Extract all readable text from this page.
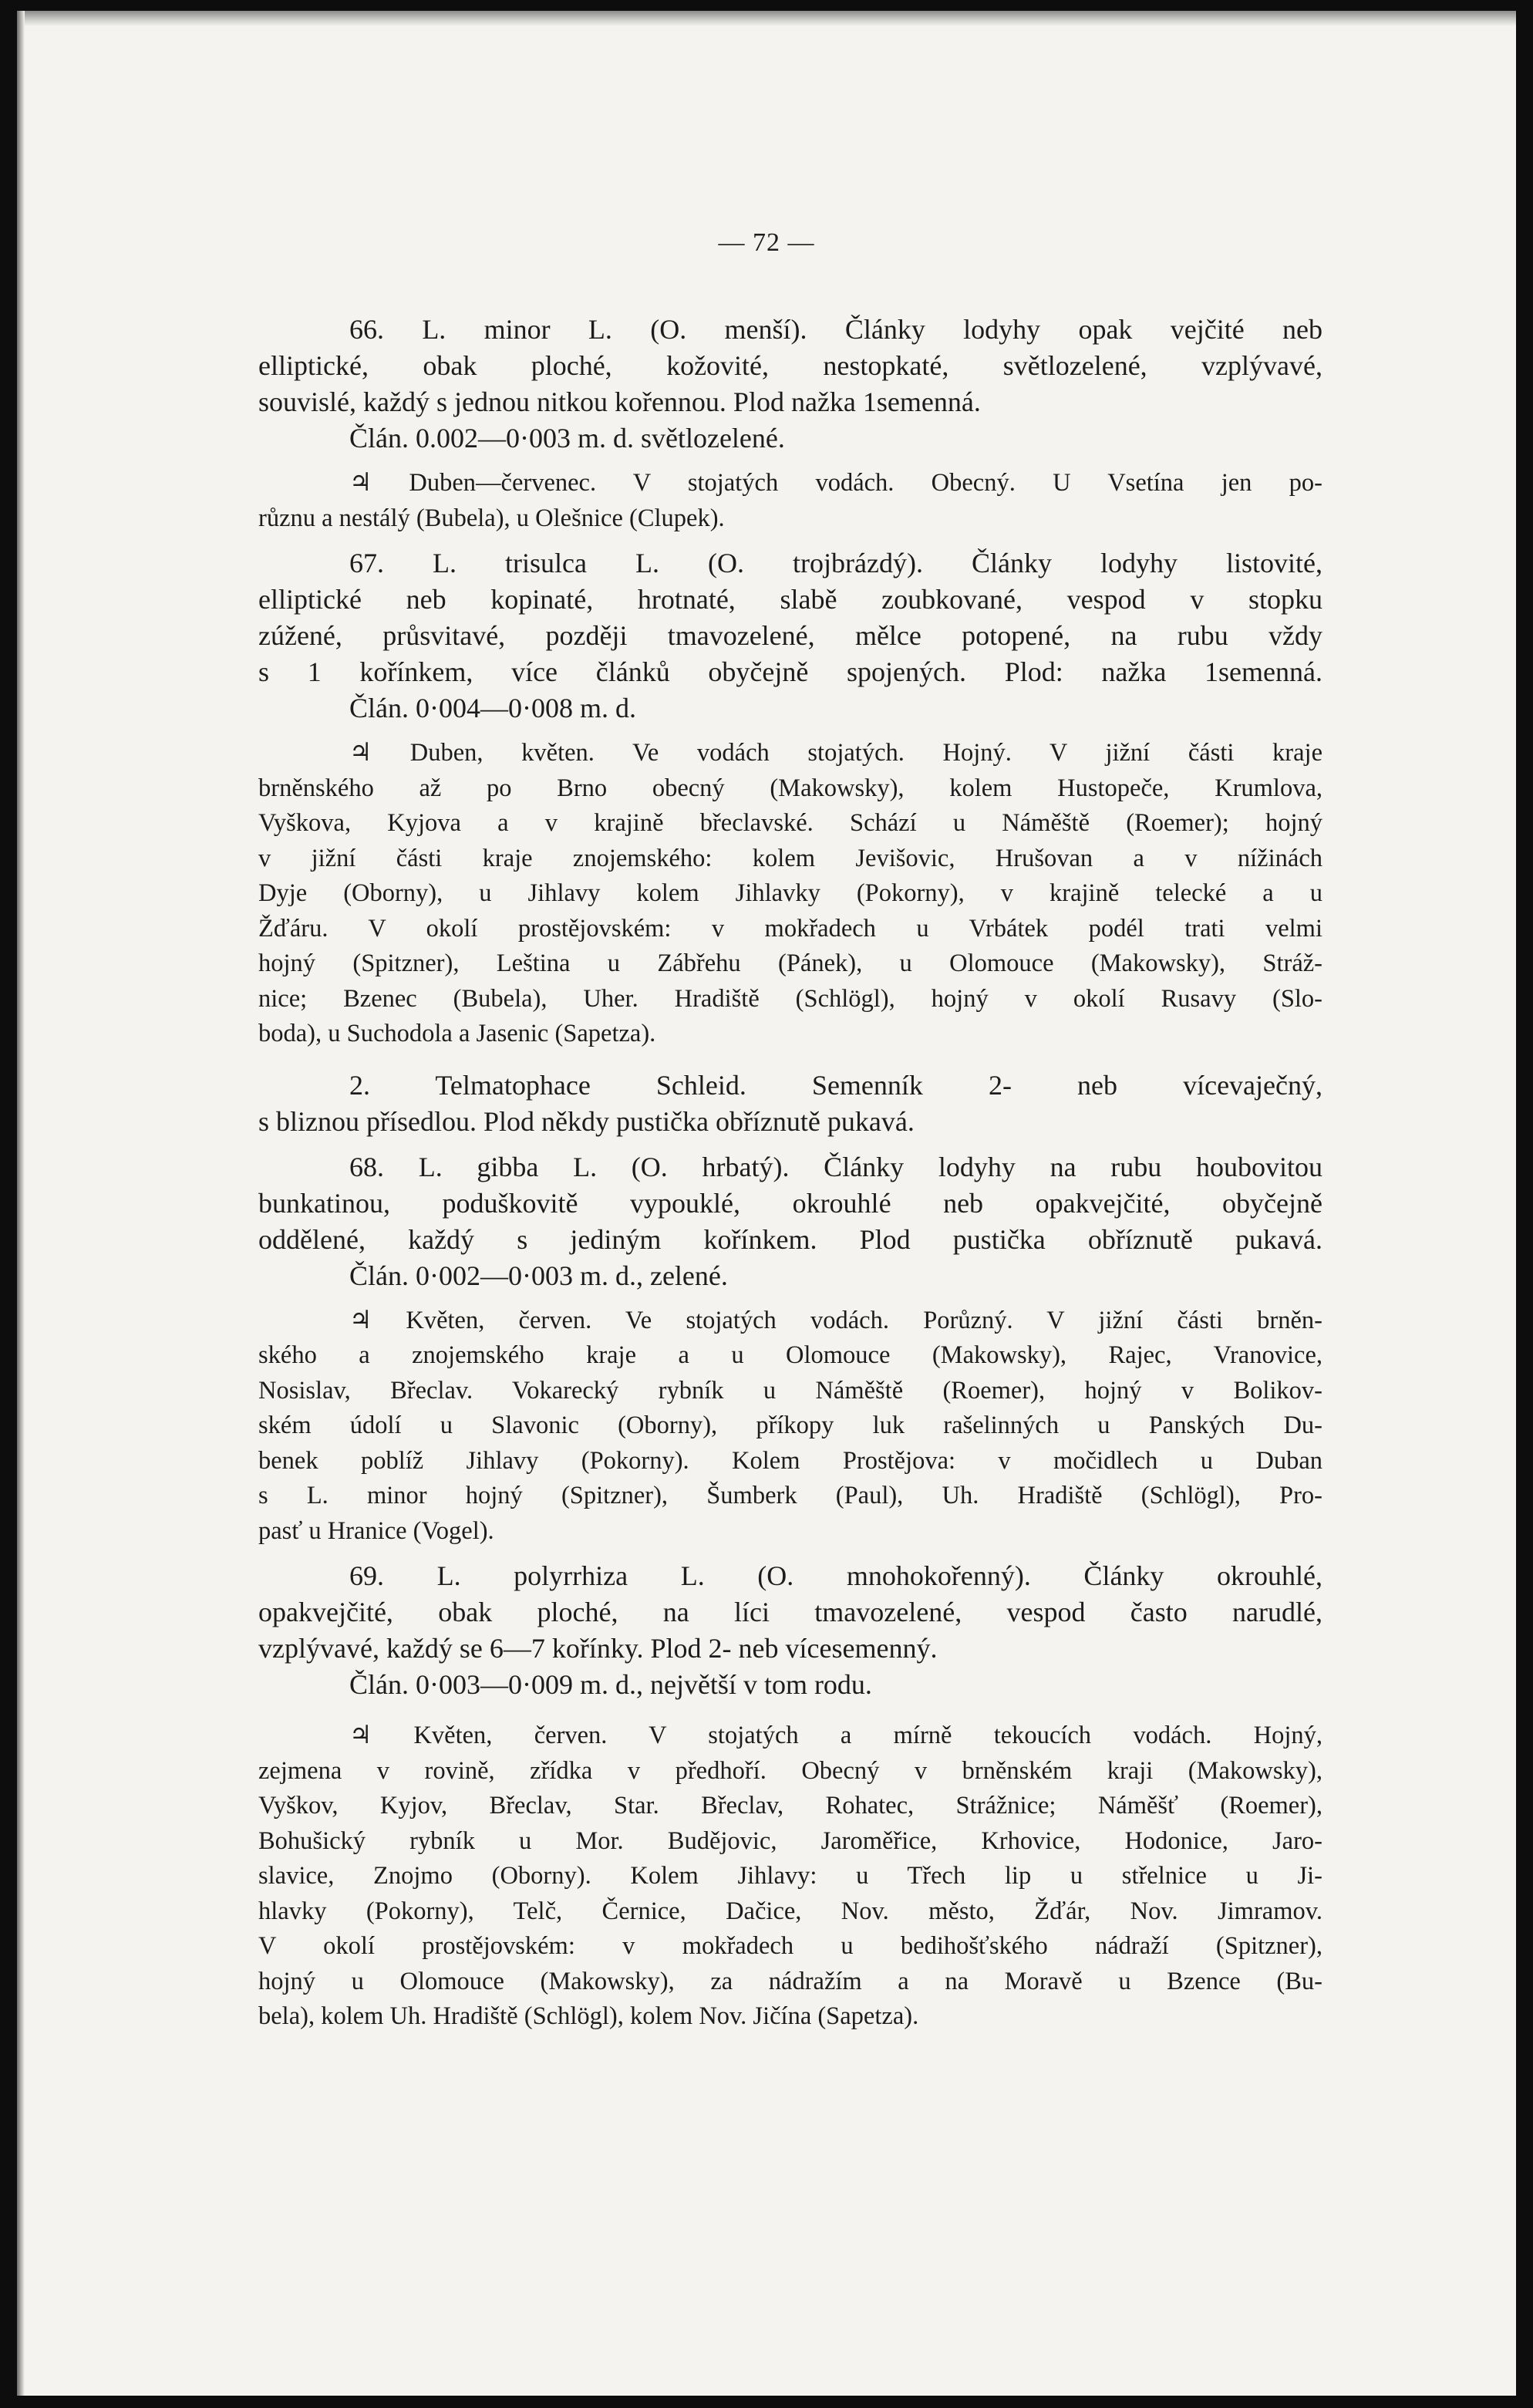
— 72 —
66. L. minor L. (O. menší). Články lodyhy opak vejčité neb
elliptické, obak ploché, kožovité, nestopkaté, světlozelené, vzplývavé,
souvislé, každý s jednou nitkou kořennou. Plod nažka 1semenná.
Člán. 0.002—0·003 m. d. světlozelené.
♃ Duben—červenec. V stojatých vodách. Obecný. U Vsetína jen po-
různu a nestálý (Bubela), u Olešnice (Clupek).
67. L. trisulca L. (O. trojbrázdý). Články lodyhy listovité,
elliptické neb kopinaté, hrotnaté, slabě zoubkované, vespod v stopku
zúžené, průsvitavé, později tmavozelené, mělce potopené, na rubu vždy
s 1 kořínkem, více článků obyčejně spojených. Plod: nažka 1semenná.
Člán. 0·004—0·008 m. d.
♃ Duben, květen. Ve vodách stojatých. Hojný. V jižní části kraje
brněnského až po Brno obecný (Makowsky), kolem Hustopeče, Krumlova,
Vyškova, Kyjova a v krajině břeclavské. Schází u Náměště (Roemer); hojný
v jižní části kraje znojemského: kolem Jevišovic, Hrušovan a v nížinách
Dyje (Oborny), u Jihlavy kolem Jihlavky (Pokorny), v krajině telecké a u
Žďáru. V okolí prostějovském: v mokřadech u Vrbátek podél trati velmi
hojný (Spitzner), Leština u Zábřehu (Pánek), u Olomouce (Makowsky), Stráž-
nice; Bzenec (Bubela), Uher. Hradiště (Schlögl), hojný v okolí Rusavy (Slo-
boda), u Suchodola a Jasenic (Sapetza).
2. Telmatophace Schleid. Semenník 2- neb vícevaječný,
s bliznou přísedlou. Plod někdy pustička obříznutě pukavá.
68. L. gibba L. (O. hrbatý). Články lodyhy na rubu houbovitou
bunkatinou, poduškovitě vypouklé, okrouhlé neb opakvejčité, obyčejně
oddělené, každý s jediným kořínkem. Plod pustička obříznutě pukavá.
Člán. 0·002—0·003 m. d., zelené.
♃ Květen, červen. Ve stojatých vodách. Porůzný. V jižní části brněn-
ského a znojemského kraje a u Olomouce (Makowsky), Rajec, Vranovice,
Nosislav, Břeclav. Vokarecký rybník u Náměště (Roemer), hojný v Bolikov-
ském údolí u Slavonic (Oborny), příkopy luk rašelinných u Panských Du-
benek poblíž Jihlavy (Pokorny). Kolem Prostějova: v močidlech u Duban
s L. minor hojný (Spitzner), Šumberk (Paul), Uh. Hradiště (Schlögl), Pro-
pasť u Hranice (Vogel).
69. L. polyrrhiza L. (O. mnohokořenný). Články okrouhlé,
opakvejčité, obak ploché, na líci tmavozelené, vespod často narudlé,
vzplývavé, každý se 6—7 kořínky. Plod 2- neb vícesemenný.
Člán. 0·003—0·009 m. d., největší v tom rodu.
♃ Květen, červen. V stojatých a mírně tekoucích vodách. Hojný,
zejmena v rovině, zřídka v předhoří. Obecný v brněnském kraji (Makowsky),
Vyškov, Kyjov, Břeclav, Star. Břeclav, Rohatec, Strážnice; Náměšť (Roemer),
Bohušický rybník u Mor. Budějovic, Jaroměřice, Krhovice, Hodonice, Jaro-
slavice, Znojmo (Oborny). Kolem Jihlavy: u Třech lip u střelnice u Ji-
hlavky (Pokorny), Telč, Černice, Dačice, Nov. město, Žďár, Nov. Jimramov.
V okolí prostějovském: v mokřadech u bedihošťského nádraží (Spitzner),
hojný u Olomouce (Makowsky), za nádražím a na Moravě u Bzence (Bu-
bela), kolem Uh. Hradiště (Schlögl), kolem Nov. Jičína (Sapetza).
